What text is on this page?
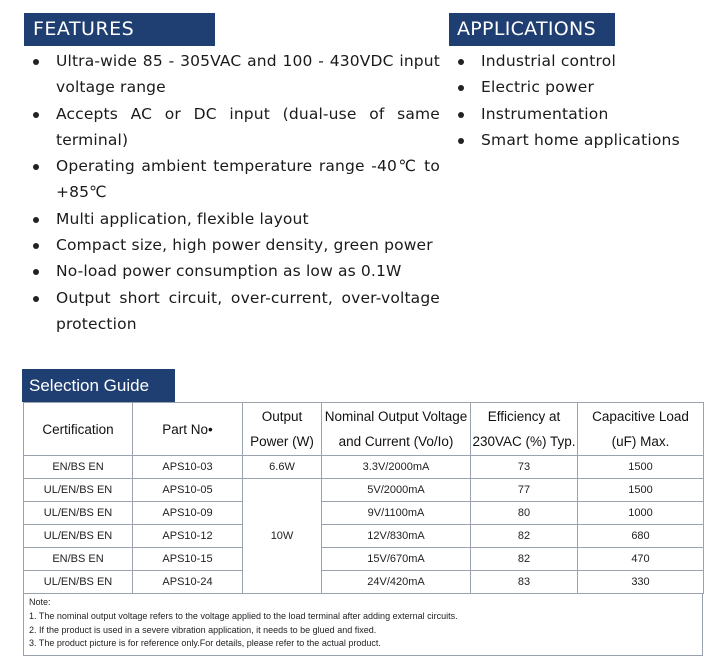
FEATURES
Ultra-wide 85 - 305VAC and 100 - 430VDC input voltage range
Accepts AC or DC input (dual-use of same terminal)
Operating ambient temperature range -40℃ to +85℃
Multi application, flexible layout
Compact size, high power density, green power
No-load power consumption as low as 0.1W
Output short circuit, over-current, over-voltage protection
APPLICATIONS
Industrial control
Electric power
Instrumentation
Smart home applications
Selection Guide
Certification	Part No•	Output Power (W)	Nominal Output Voltage and Current (Vo/Io)	Efficiency at 230VAC (%) Typ.	Capacitive Load (uF) Max.
EN/BS EN	APS10-03	6.6W	3.3V/2000mA	73	1500
UL/EN/BS EN	APS10-05	10W	5V/2000mA	77	1500
UL/EN/BS EN	APS10-09		9V/1100mA	80	1000
UL/EN/BS EN	APS10-12		12V/830mA	82	680
EN/BS EN	APS10-15		15V/670mA	82	470
UL/EN/BS EN	APS10-24		24V/420mA	83	330
Note:
1. The nominal output voltage refers to the voltage applied to the load terminal after adding external circuits.
2. If the product is used in a severe vibration application, it needs to be glued and fixed.
3. The product picture is for reference only.For details, please refer to the actual product.
